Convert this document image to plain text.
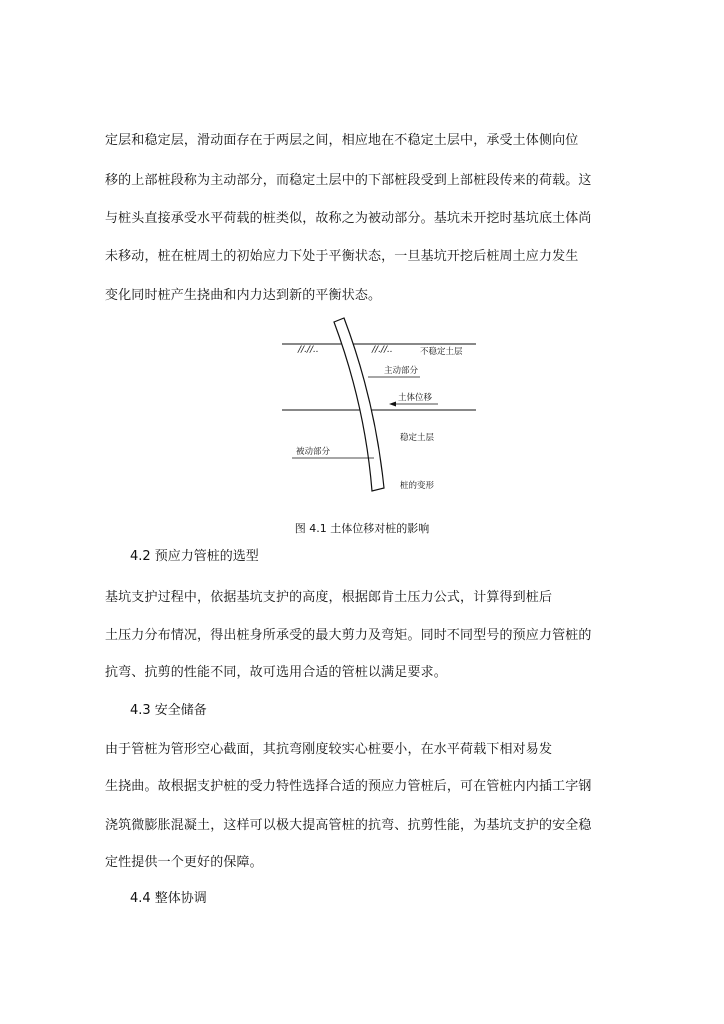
定层和稳定层，滑动面存在于两层之间，相应地在不稳定土层中，承受土体侧向位

移的上部桩段称为主动部分，而稳定土层中的下部桩段受到上部桩段传来的荷载。这

与桩头直接承受水平荷载的桩类似，故称之为被动部分。基坑未开挖时基坑底土体尚

未移动，桩在桩周土的初始应力下处于平衡状态，一旦基坑开挖后桩周土应力发生

变化同时桩产生挠曲和内力达到新的平衡状态。

//.//..	//.//..	不稳定土层
主动部分
土体位移
稳定土层
被动部分
桩的变形

图 4.1 土体位移对桩的影响

4.2 预应力管桩的选型

基坑支护过程中，依据基坑支护的高度，根据郎肯土压力公式，计算得到桩后

土压力分布情况，得出桩身所承受的最大剪力及弯矩。同时不同型号的预应力管桩的

抗弯、抗剪的性能不同，故可选用合适的管桩以满足要求。

4.3 安全储备

由于管桩为管形空心截面，其抗弯刚度较实心桩要小，在水平荷载下相对易发

生挠曲。故根据支护桩的受力特性选择合适的预应力管桩后，可在管桩内内插工字钢

浇筑微膨胀混凝土，这样可以极大提高管桩的抗弯、抗剪性能，为基坑支护的安全稳

定性提供一个更好的保障。

4.4 整体协调
